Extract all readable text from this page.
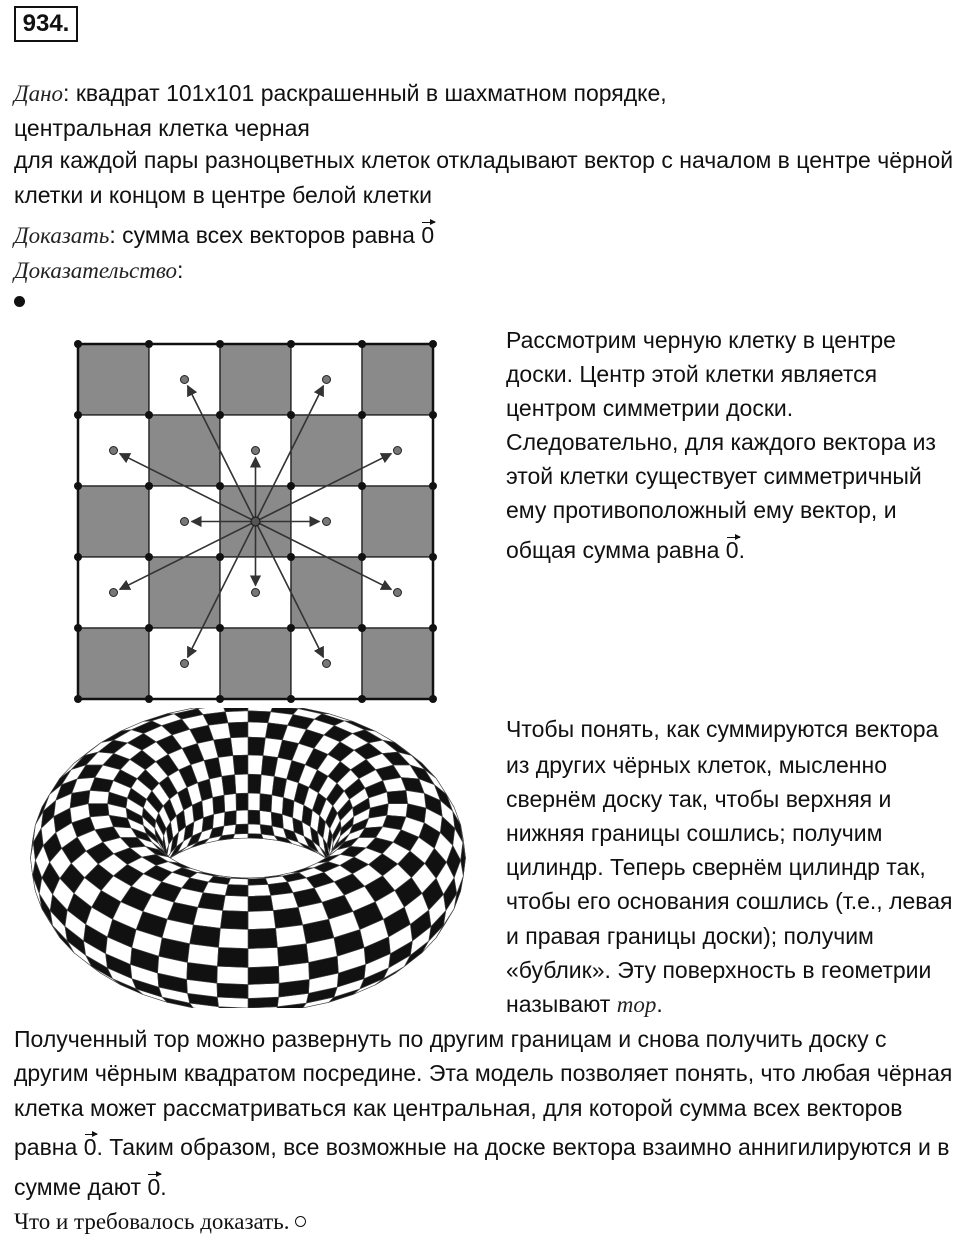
934.
Дано: квадрат 101x101 раскрашенный в шахматном порядке,
центральная клетка черная
для каждой пары разноцветных клеток откладывают вектор с началом в центре чёрной
клетки и концом в центре белой клетки
Доказать: сумма всех векторов равна 0
Доказательство:
Рассмотрим черную клетку в центре
доски. Центр этой клетки является
центром симметрии доски.
Следовательно, для каждого вектора из
этой клетки существует симметричный
ему противоположный ему вектор, и
общая сумма равна 0.
Чтобы понять, как суммируются вектора
из других чёрных клеток, мысленно
свернём доску так, чтобы верхняя и
нижняя границы сошлись; получим
цилиндр. Теперь свернём цилиндр так,
чтобы его основания сошлись (т.е., левая
и правая границы доски); получим
«бублик». Эту поверхность в геометрии
называют тор.
Полученный тор можно развернуть по другим границам и снова получить доску с
другим чёрным квадратом посредине. Эта модель позволяет понять, что любая чёрная
клетка может рассматриваться как центральная, для которой сумма всех векторов
равна 0. Таким образом, все возможные на доске вектора взаимно аннигилируются и в
сумме дают 0.
Что и требовалось доказать.
